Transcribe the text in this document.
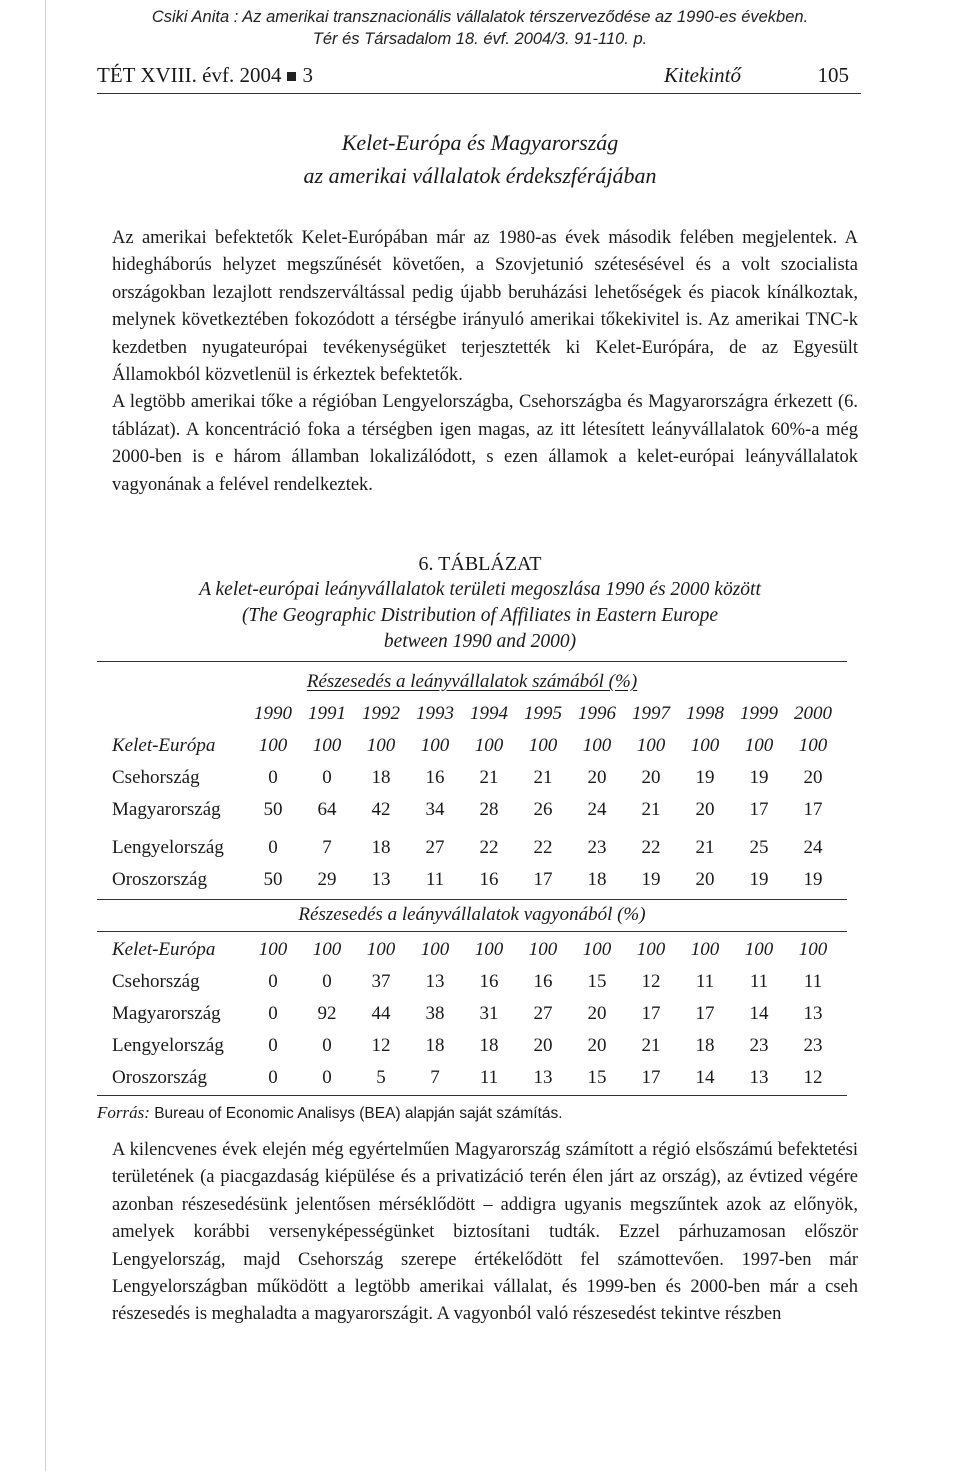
Csiki Anita : Az amerikai transznacionális vállalatok térszerveződése az 1990-es években.
Tér és Társadalom 18. évf. 2004/3. 91-110. p.
TÉT XVIII. évf. 2004 3	Kitekintő	105
Kelet-Európa és Magyarország
az amerikai vállalatok érdekszférájában

Az amerikai befektetők Kelet-Európában már az 1980-as évek második felében megjelentek. A hidegháborús helyzet megszűnését követően, a Szovjetunió szétesésével és a volt szocialista országokban lezajlott rendszerváltással pedig újabb beruházási lehetőségek és piacok kínálkoztak, melynek következtében fokozódott a térségbe irányuló amerikai tőkekivitel is. Az amerikai TNC-k kezdetben nyugateurópai tevékenységüket terjesztették ki Kelet-Európára, de az Egyesült Államokból közvetlenül is érkeztek befektetők.

A legtöbb amerikai tőke a régióban Lengyelországba, Csehországba és Magyarországra érkezett (6. táblázat). A koncentráció foka a térségben igen magas, az itt létesített leányvállalatok 60%-a még 2000-ben is e három államban lokalizálódott, s ezen államok a kelet-európai leányvállalatok vagyonának a felével rendelkeztek.

6. TÁBLÁZAT
A kelet-európai leányvállalatok területi megoszlása 1990 és 2000 között
(The Geographic Distribution of Affiliates in Eastern Europe
between 1990 and 2000)
Részesedés a leányvállalatok számából (%)
1990 1991 1992 1993 1994 1995 1996 1997 1998 1999 2000
Kelet-Európa	100	100	100	100	100	100	100	100	100	100	100
Csehország	0	0	18	16	21	21	20	20	19	19	20
Magyarország	50	64	42	34	28	26	24	21	20	17	17
Lengyelország	0	7	18	27	22	22	23	22	21	25	24
Oroszország	50	29	13	11	16	17	18	19	20	19	19
Részesedés a leányvállalatok vagyonából (%)
Kelet-Európa	100	100	100	100	100	100	100	100	100	100	100
Csehország	0	0	37	13	16	16	15	12	11	11	11
Magyarország	0	92	44	38	31	27	20	17	17	14	13
Lengyelország	0	0	12	18	18	20	20	21	18	23	23
Oroszország	0	0	5	7	11	13	15	17	14	13	12
Forrás: Bureau of Economic Analisys (BEA) alapján saját számítás.

A kilencvenes évek elején még egyértelműen Magyarország számított a régió elsőszámú befektetési területének (a piacgazdaság kiépülése és a privatizáció terén élen járt az ország), az évtized végére azonban részesedésünk jelentősen mérséklődött – addigra ugyanis megszűntek azok az előnyök, amelyek korábbi versenyképességünket biztosítani tudták. Ezzel párhuzamosan először Lengyelország, majd Csehország szerepe értékelődött fel számottevően. 1997-ben már Lengyelországban működött a legtöbb amerikai vállalat, és 1999-ben és 2000-ben már a cseh részesedés is meghaladta a magyarországit. A vagyonból való részesedést tekintve részben
